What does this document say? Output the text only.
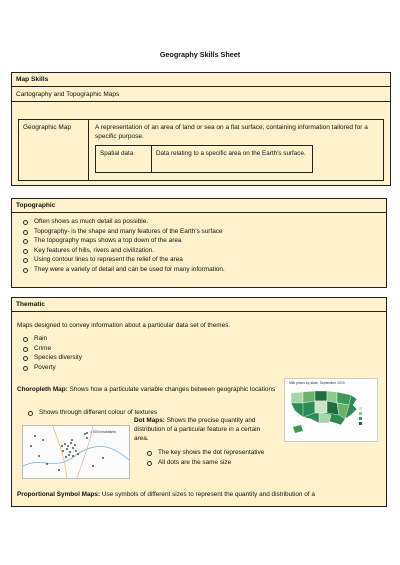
Geography Skills Sheet
Map Skills
Cartography and Topographic Maps
Geographic Map	A representation of an area of land or sea on a flat surface, containing information tailored for a specific purpose.
Spatial data	Data relating to a specific area on the Earth’s surface.
Topographic
Often shows as much detail as possible.
Topography- is the shape and many features of the Earth’s surface
The topography maps shows a top down of the area
Key features of hills, rivers and civilization.
Using contour lines to represent the relief of the area
They were a variety of detail and can be used for many information.
Thematic
Maps designed to convey information about a particular data set of themes.
Rain
Crime
Species diversity
Poverty
Choropleth Map: Shows how a particulate variable changes between geographic locations
Shows through different colour of textures
Milk prices by state, September 2019
= 500 inhabitants
Dot Maps: Shows the precise quantity and distribution of a particular feature in a certain area.
The key shows the dot representative
All dots are the same size
Proportional Symbol Maps: Use symbols of different sizes to represent the quantity and distribution of a
